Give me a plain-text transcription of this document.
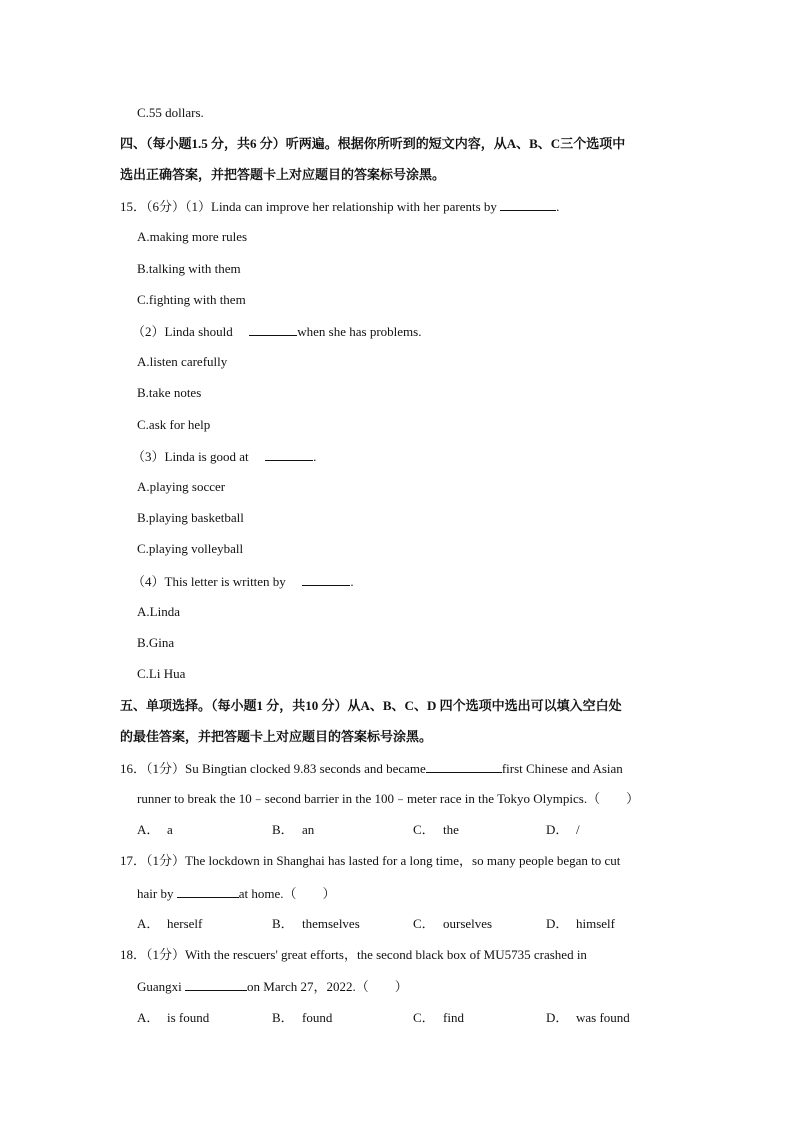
C.55 dollars.
四、（每小题1.5 分，共6 分）听两遍。根据你所听到的短文内容，从A、B、C三个选项中
选出正确答案，并把答题卡上对应题目的答案标号涂黑。
15．（6分）（1）Linda can improve her relationship with her parents by	.
A.making more rules
B.talking with them
C.fighting with them
（2）Linda should	when she has problems.
A.listen carefully
B.take notes
C.ask for help
（3）Linda is good at	.
A.playing soccer
B.playing basketball
C.playing volleyball
（4）This letter is written by	.
A.Linda
B.Gina
C.Li Hua
五、单项选择。（每小题1 分，共10 分）从A、B、C、D 四个选项中选出可以填入空白处
的最佳答案，并把答题卡上对应题目的答案标号涂黑。
16．（1分）Su Bingtian clocked 9.83 seconds and became	first Chinese and Asian
runner to break the 10﹣second barrier in the 100﹣meter race in the Tokyo Olympics.（　　）
A． a	B． an	C． the	D． /
17．（1分）The lockdown in Shanghai has lasted for a long time，so many people began to cut
hair by	at home.（　　）
A． herself	B． themselves	C． ourselves	D． himself
18．（1分）With the rescuers' great efforts，the second black box of MU5735 crashed in
Guangxi	on March 27，2022.（　　）
A． is found	B． found	C． find	D． was found
